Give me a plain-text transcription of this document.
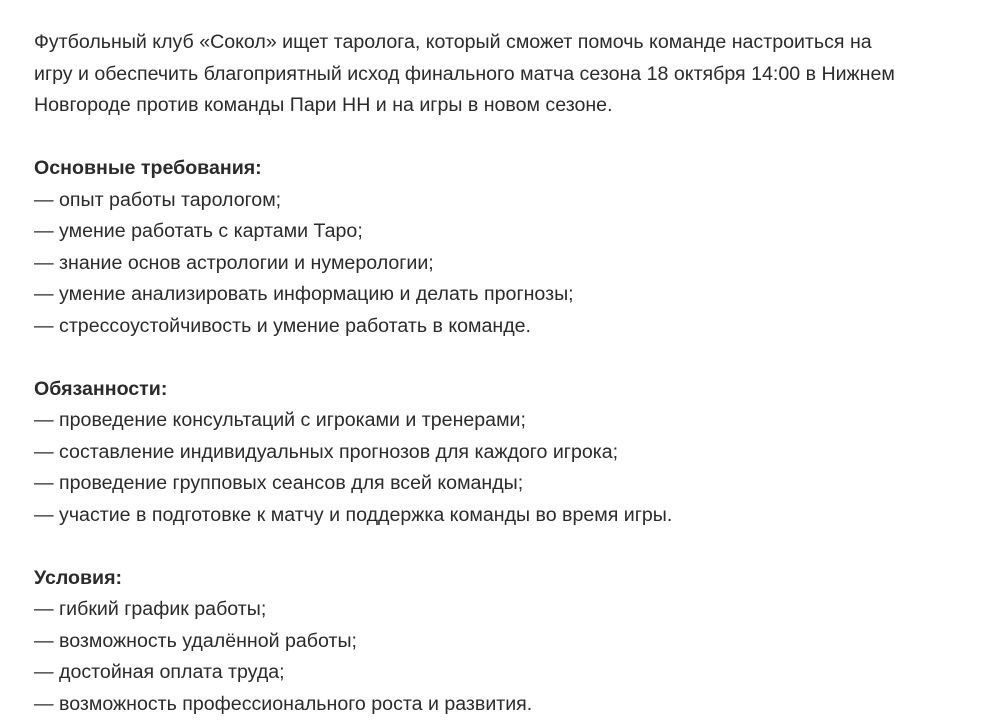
Футбольный клуб «Сокол» ищет таролога, который сможет помочь команде настроиться на
игру и обеспечить благоприятный исход финального матча сезона 18 октября 14:00 в Нижнем
Новгороде против команды Пари НН и на игры в новом сезоне.

Основные требования:

— опыт работы тарологом;
— умение работать с картами Таро;
— знание основ астрологии и нумерологии;
— умение анализировать информацию и делать прогнозы;
— стрессоустойчивость и умение работать в команде.

Обязанности:

— проведение консультаций с игроками и тренерами;
— составление индивидуальных прогнозов для каждого игрока;
— проведение групповых сеансов для всей команды;
— участие в подготовке к матчу и поддержка команды во время игры.

Условия:

— гибкий график работы;
— возможность удалённой работы;
— достойная оплата труда;
— возможность профессионального роста и развития.
